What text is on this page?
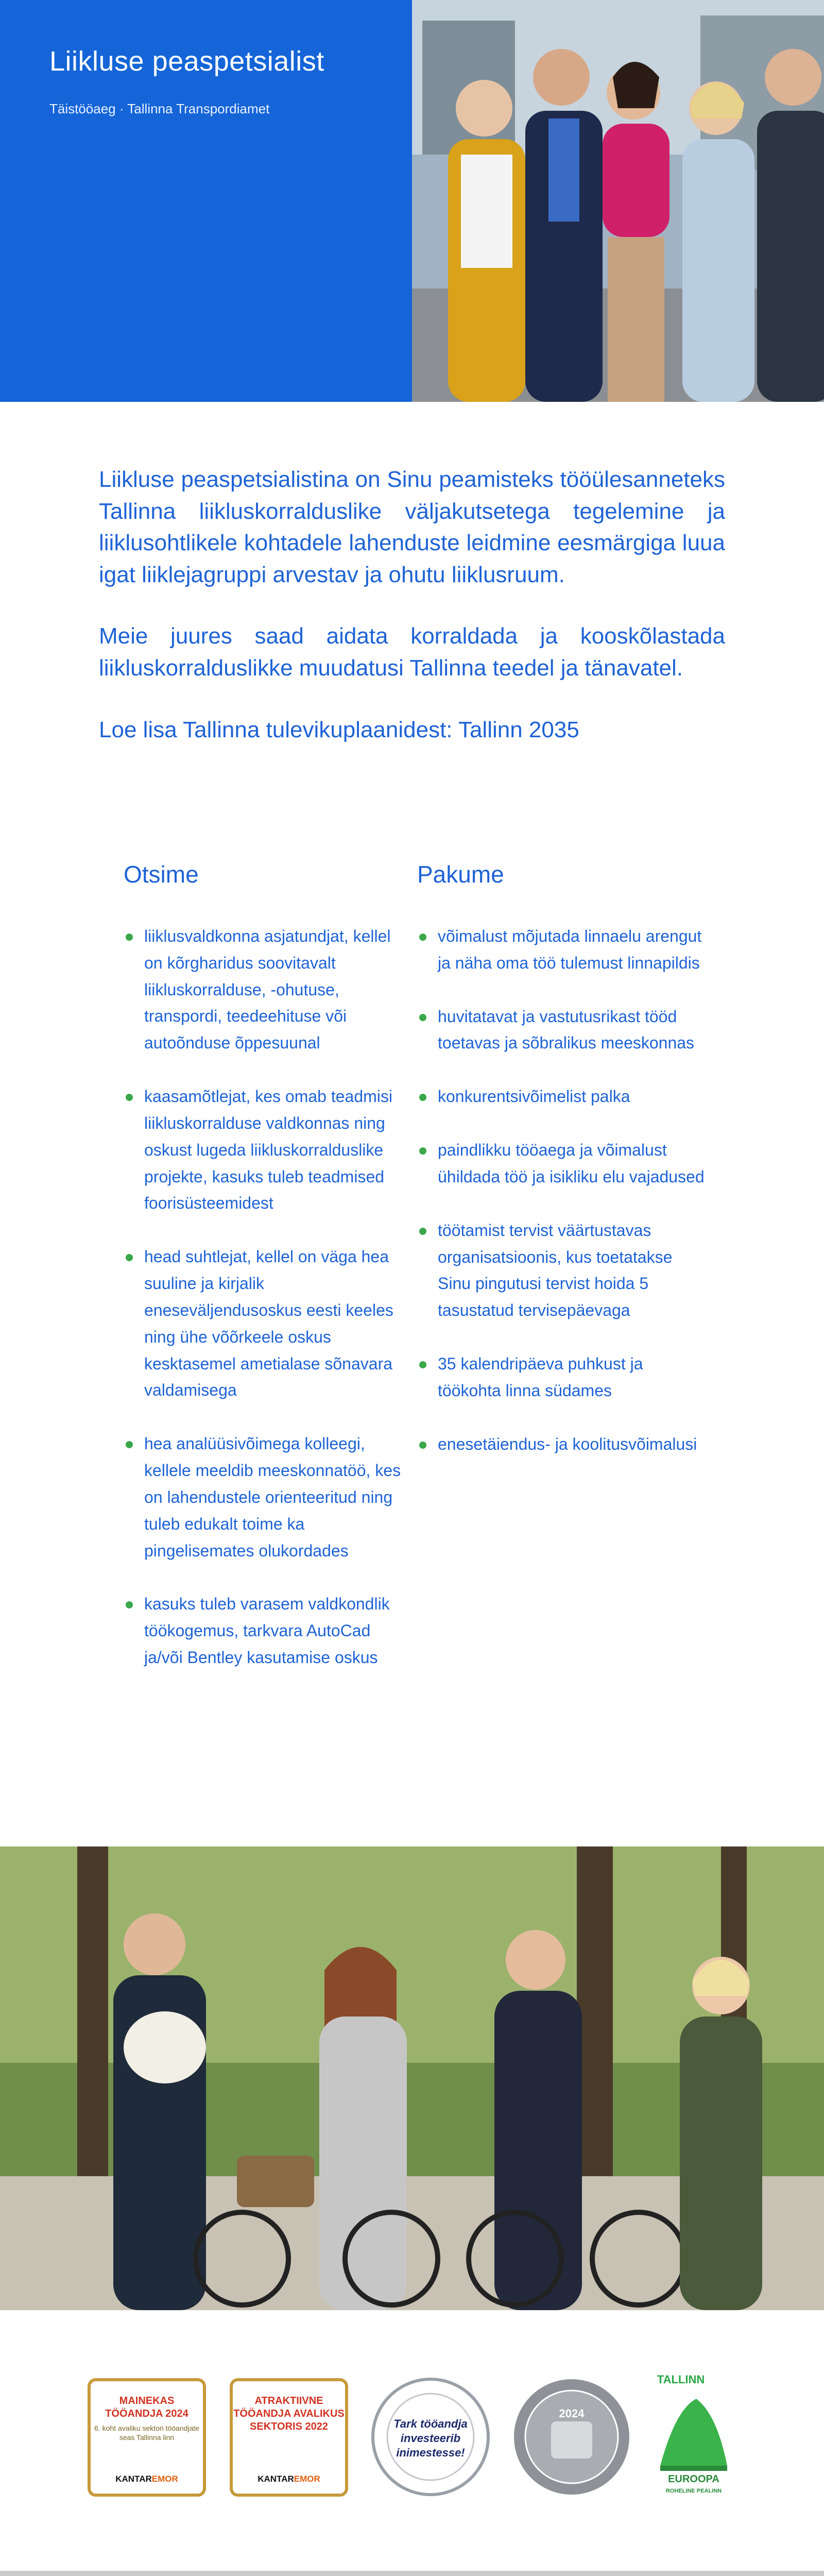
Liikluse peaspetsialist
Täistööaeg · Tallinna Transpordiamet

Liikluse peaspetsialistina on Sinu peamisteks tööülesanneteks Tallinna liikluskorralduslike väljakutsetega tegelemine ja liiklusohtlikele kohtadele lahenduste leidmine eesmärgiga luua igat liiklejagruppi arvestav ja ohutu liiklusruum.

Meie juures saad aidata korraldada ja kooskõlastada liikluskorralduslikke muudatusi Tallinna teedel ja tänavatel.

Loe lisa Tallinna tulevikuplaanidest: Tallinn 2035

Otsime
liiklusvaldkonna asjatundjat, kellel on kõrgharidus soovitavalt liikluskorralduse, -ohutuse, transpordi, teedeehituse või autoõnduse õppesuunal
kaasamõtlejat, kes omab teadmisi liikluskorralduse valdkonnas ning oskust lugeda liikluskorralduslike projekte, kasuks tuleb teadmised foorisüsteemidest
head suhtlejat, kellel on väga hea suuline ja kirjalik eneseväljendusoskus eesti keeles ning ühe võõrkeele oskus kesktasemel ametialase sõnavara valdamisega
hea analüüsivõimega kolleegi, kellele meeldib meeskonnatöö, kes on lahendustele orienteeritud ning tuleb edukalt toime ka pingelisemates olukordades
kasuks tuleb varasem valdkondlik töökogemus, tarkvara AutoCad ja/või Bentley kasutamise oskus
Pakume
võimalust mõjutada linnaelu arengut ja näha oma töö tulemust linnapildis
huvitatavat ja vastutusrikast tööd toetavas ja sõbralikus meeskonnas
konkurentsivõimelist palka
paindlikku tööaega ja võimalust ühildada töö ja isikliku elu vajadused
töötamist tervist väärtustavas organisatsioonis, kus toetatakse Sinu pingutusi tervist hoida 5 tasustatud tervisepäevaga
35 kalendripäeva puhkust ja töökohta linna südames
enesetäiendus- ja koolitusvõimalusi
MAINEKAS TÖÖANDJA 2024
6. koht avaliku sektori tööandjate seas Tallinna linn
KANTAREMOR
ATRAKTIIVNE TÖÖANDJA AVALIKUS SEKTORIS 2022
KANTAREMOR
Tark tööandja
investeerib
inimestesse!
2024
TALLINN
EUROOPA
ROHELINE PEALINN
